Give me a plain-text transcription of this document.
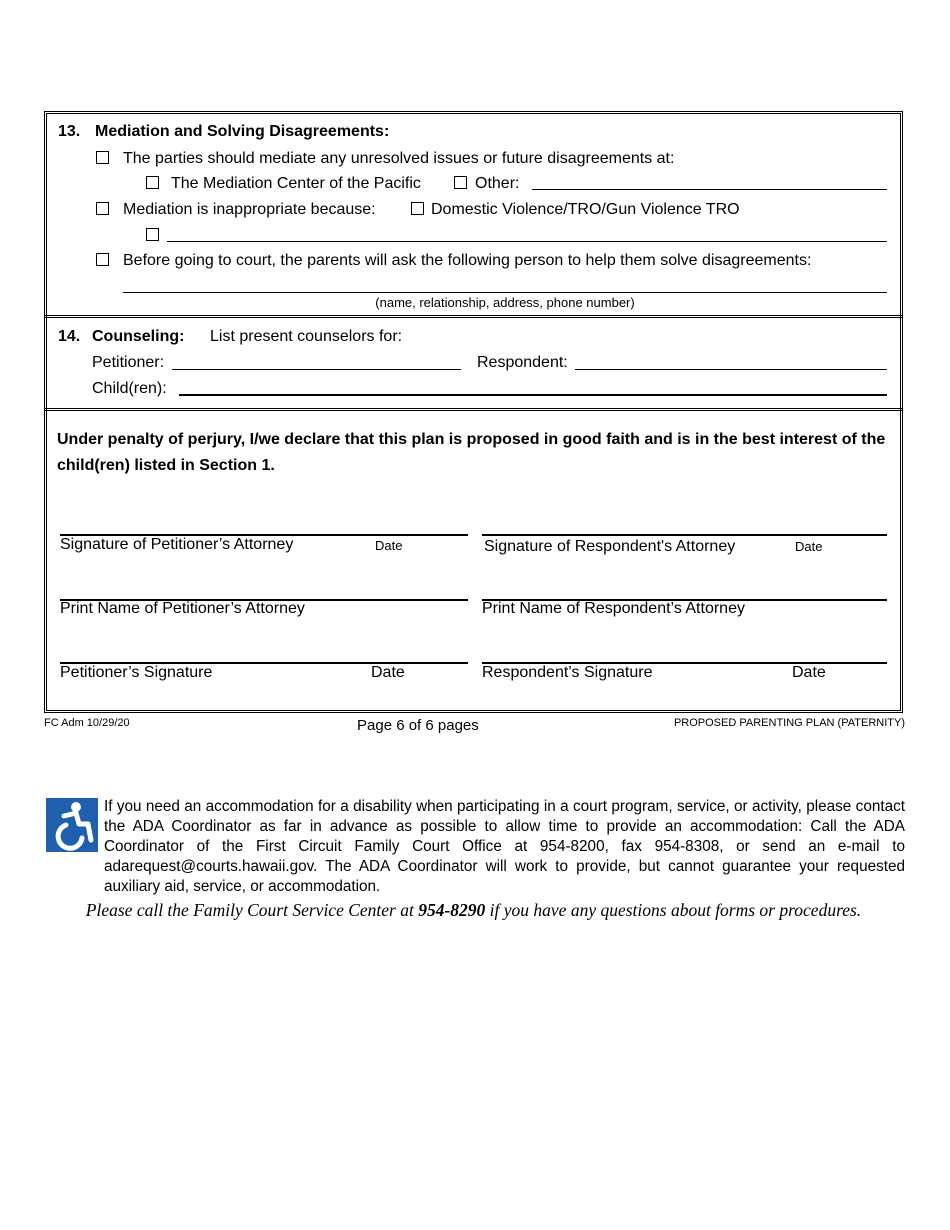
13. Mediation and Solving Disagreements:
The parties should mediate any unresolved issues or future disagreements at:
The Mediation Center of the Pacific	Other:
Mediation is inappropriate because:	Domestic Violence/TRO/Gun Violence TRO
Before going to court, the parents will ask the following person to help them solve disagreements:
(name, relationship, address, phone number)
14. Counseling: List present counselors for:
Petitioner:	Respondent:
Child(ren):
Under penalty of perjury, I/we declare that this plan is proposed in good faith and is in the best interest of the child(ren) listed in Section 1.
Signature of Petitioner’s Attorney	Date	Signature of Respondent's Attorney	Date
Print Name of Petitioner’s Attorney	Print Name of Respondent’s Attorney
Petitioner’s Signature	Date	Respondent’s Signature	Date
FC Adm 10/29/20	Page 6 of 6 pages	PROPOSED PARENTING PLAN (PATERNITY)
If you need an accommodation for a disability when participating in a court program, service, or activity, please contact the ADA Coordinator as far in advance as possible to allow time to provide an accommodation: Call the ADA Coordinator of the First Circuit Family Court Office at 954-8200, fax 954-8308, or send an e-mail to adarequest@courts.hawaii.gov. The ADA Coordinator will work to provide, but cannot guarantee your requested auxiliary aid, service, or accommodation.
Please call the Family Court Service Center at 954-8290 if you have any questions about forms or procedures.
